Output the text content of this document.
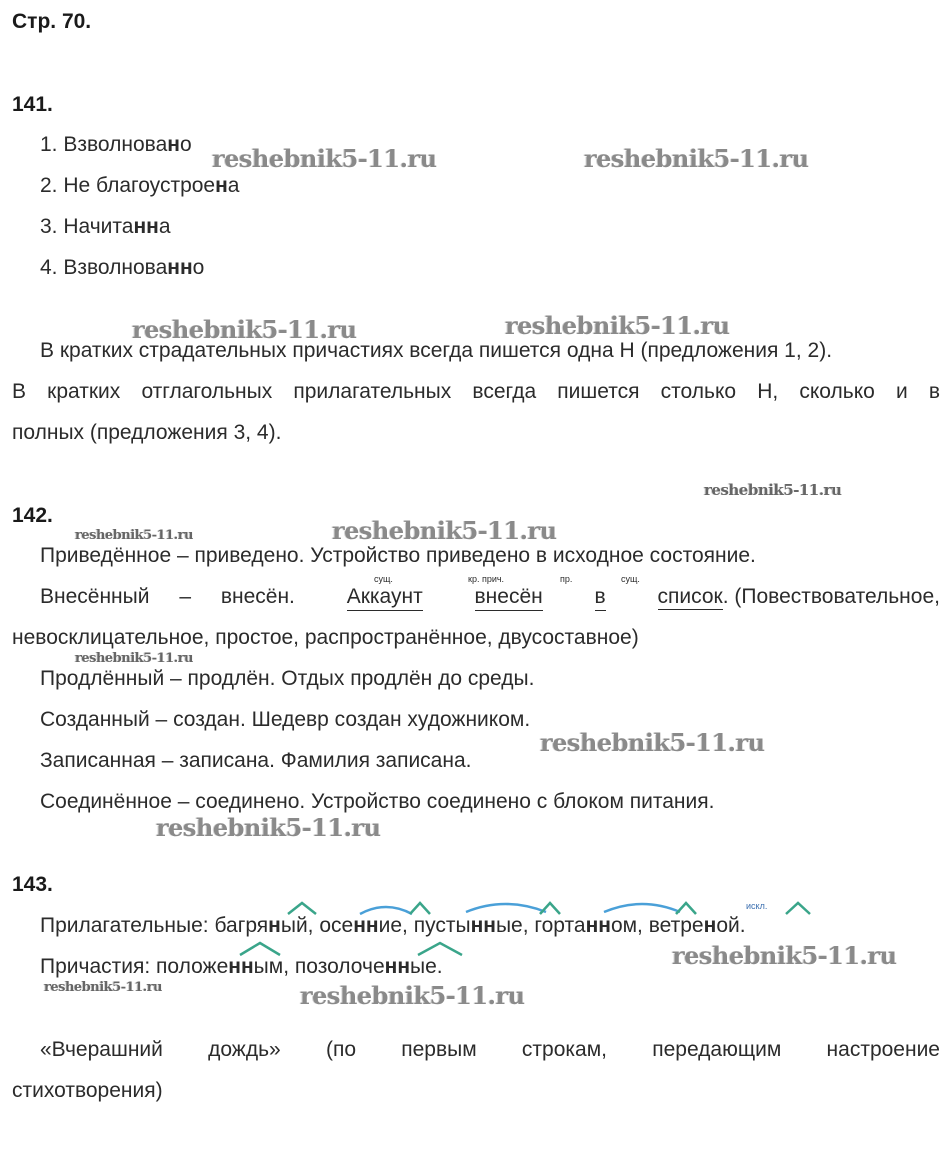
Стр. 70.
141.
1. Взволновано
2. Не благоустроена
3. Начитанна
4. Взволнованно
В кратких страдательных причастиях всегда пишется одна Н (предложения 1, 2).
В кратких отглагольных прилагательных всегда пишется столько Н, сколько и в
полных (предложения 3, 4).
142.
Приведённое – приведено. Устройство приведено в исходное состояние.
Внесённый – внесён. Аккаунт внесён в список. (Повествовательное,
сущ.	кр. прич.	пр.	сущ.
невосклицательное, простое, распространённое, двусоставное)
Продлённый – продлён. Отдых продлён до среды.
Созданный – создан. Шедевр создан художником.
Записанная – записана. Фамилия записана.
Соединённое – соединено. Устройство соединено с блоком питания.
143.
Прилагательные: багряный, осенние, пустынные, гортанном, ветреной.
искл.
Причастия: положенным, позолоченные.
«Вчерашний дождь» (по первым строкам, передающим настроение
стихотворения)
reshebnik5-11.ru	reshebnik5-11.ru
reshebnik5-11.ru	reshebnik5-11.ru
reshebnik5-11.ru
reshebnik5-11.ru	reshebnik5-11.ru
reshebnik5-11.ru
reshebnik5-11.ru
reshebnik5-11.ru
reshebnik5-11.ru
reshebnik5-11.ru	reshebnik5-11.ru
